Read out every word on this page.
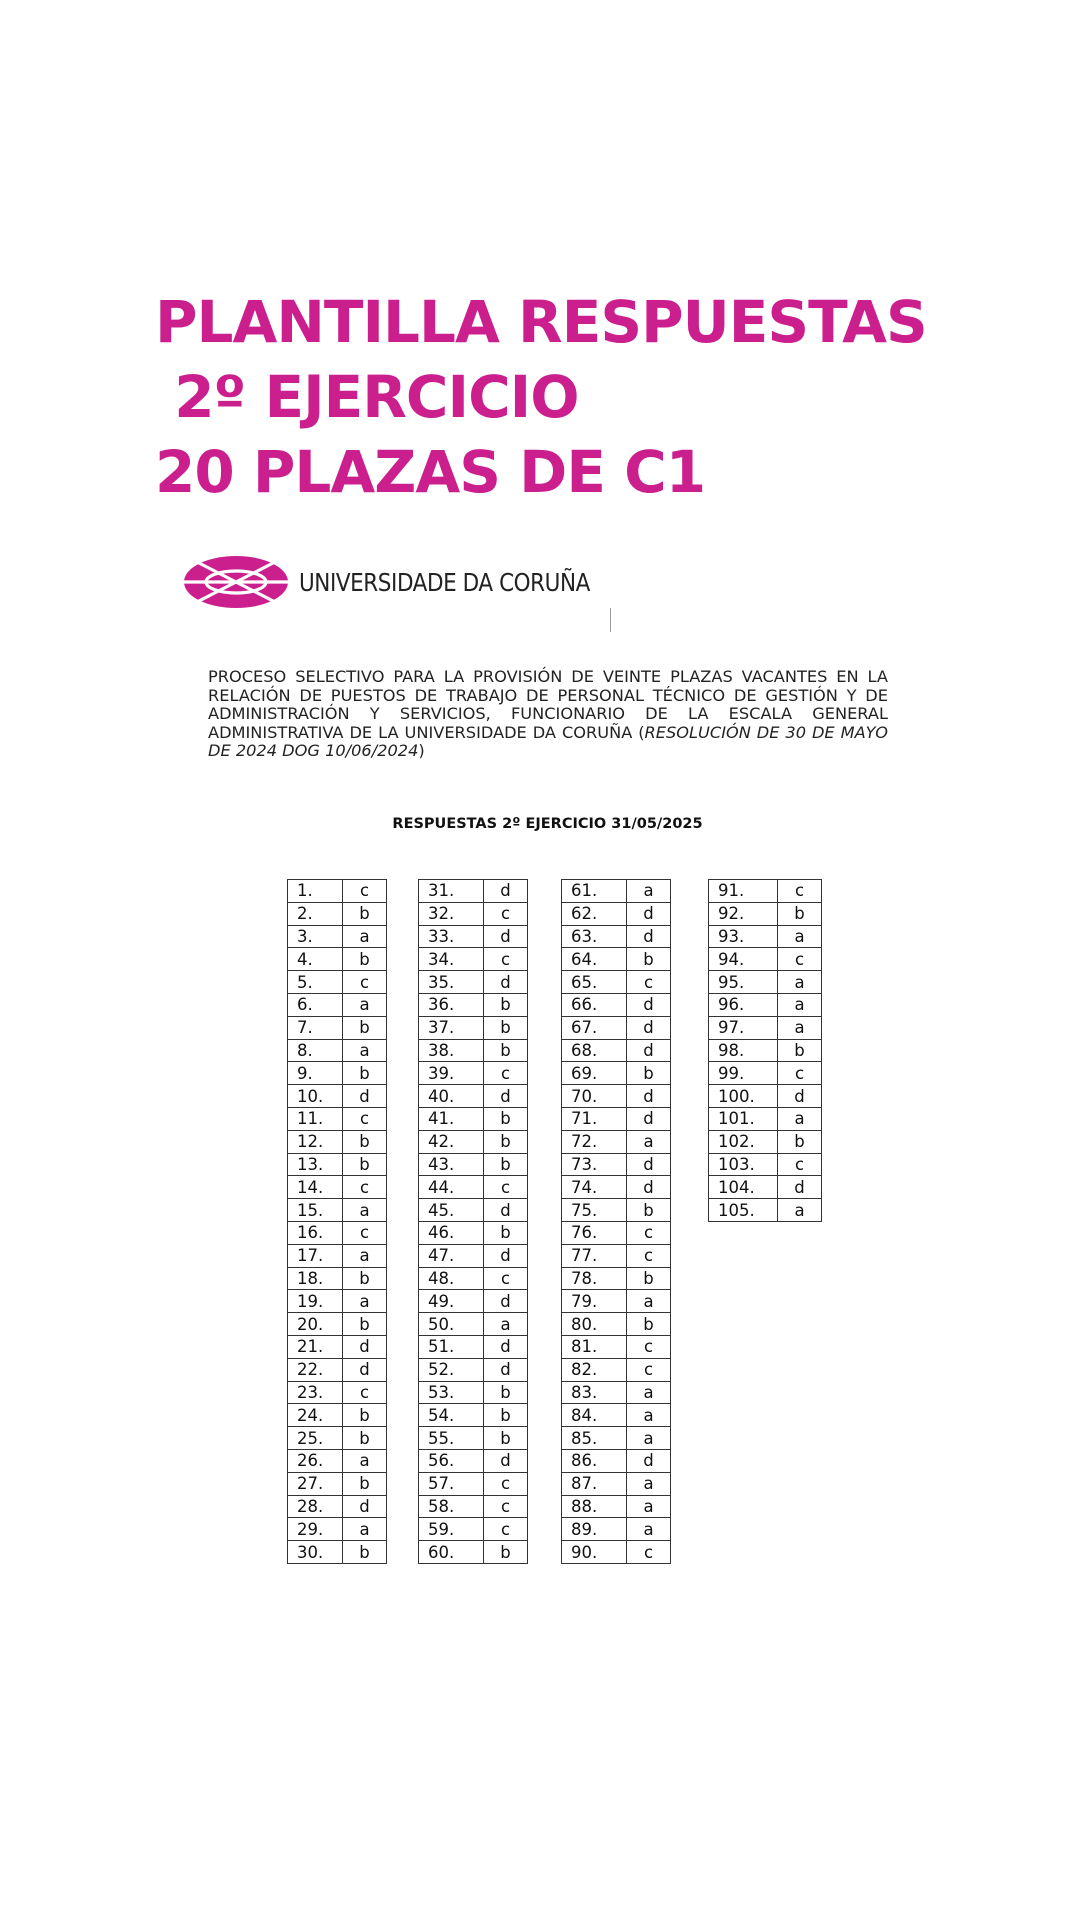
PLANTILLA RESPUESTAS
2º EJERCICIO
20 PLAZAS DE C1
UNIVERSIDADE DA CORUÑA
PROCESO SELECTIVO PARA LA PROVISIÓN DE VEINTE PLAZAS VACANTES EN LA RELACIÓN DE PUESTOS DE TRABAJO DE PERSONAL TÉCNICO DE GESTIÓN Y DE ADMINISTRACIÓN Y SERVICIOS, FUNCIONARIO DE LA ESCALA GENERAL ADMINISTRATIVA DE LA UNIVERSIDADE DA CORUÑA (RESOLUCIÓN DE 30 DE MAYO DE 2024 DOG 10/06/2024)
RESPUESTAS 2º EJERCICIO 31/05/2025
1.	c
2.	b
3.	a
4.	b
5.	c
6.	a
7.	b
8.	a
9.	b
10.	d
11.	c
12.	b
13.	b
14.	c
15.	a
16.	c
17.	a
18.	b
19.	a
20.	b
21.	d
22.	d
23.	c
24.	b
25.	b
26.	a
27.	b
28.	d
29.	a
30.	b
31.	d
32.	c
33.	d
34.	c
35.	d
36.	b
37.	b
38.	b
39.	c
40.	d
41.	b
42.	b
43.	b
44.	c
45.	d
46.	b
47.	d
48.	c
49.	d
50.	a
51.	d
52.	d
53.	b
54.	b
55.	b
56.	d
57.	c
58.	c
59.	c
60.	b
61.	a
62.	d
63.	d
64.	b
65.	c
66.	d
67.	d
68.	d
69.	b
70.	d
71.	d
72.	a
73.	d
74.	d
75.	b
76.	c
77.	c
78.	b
79.	a
80.	b
81.	c
82.	c
83.	a
84.	a
85.	a
86.	d
87.	a
88.	a
89.	a
90.	c
91.	c
92.	b
93.	a
94.	c
95.	a
96.	a
97.	a
98.	b
99.	c
100.	d
101.	a
102.	b
103.	c
104.	d
105.	a
